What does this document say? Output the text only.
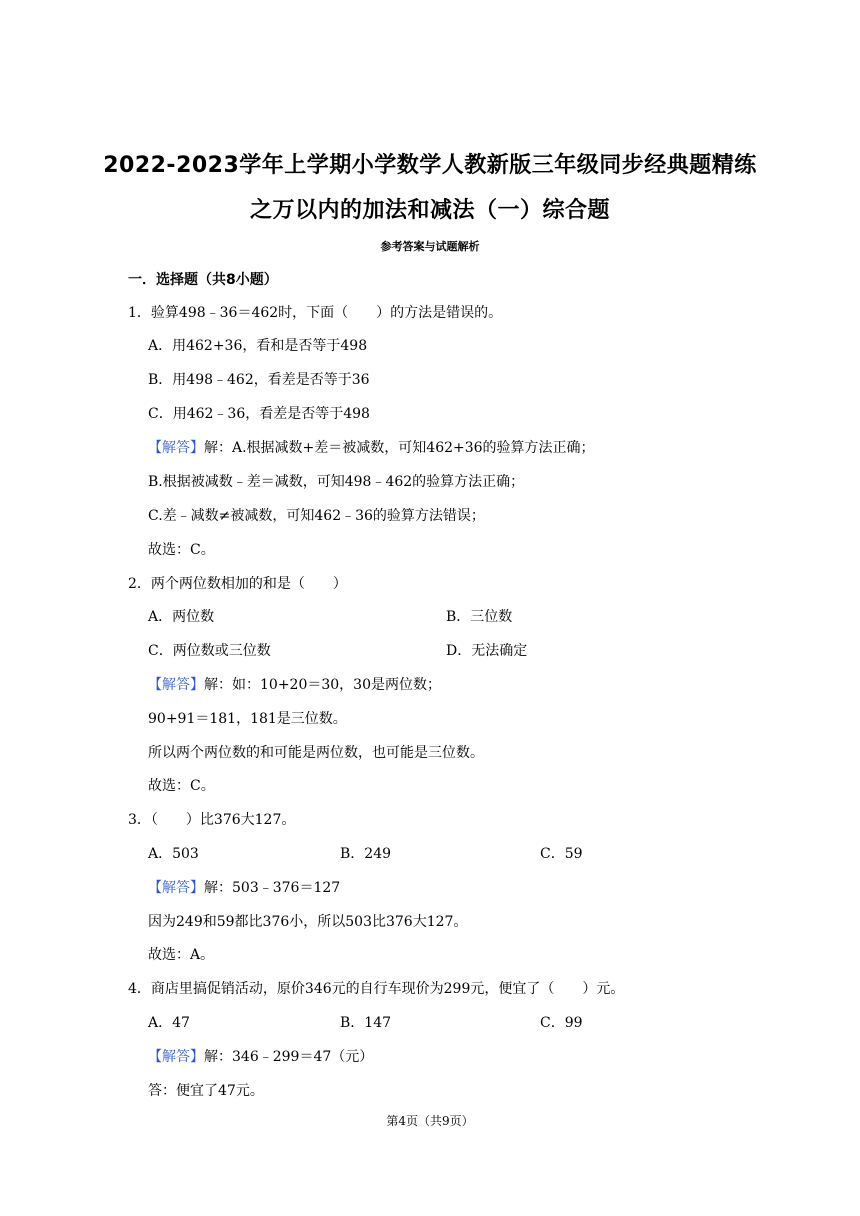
2022-2023学年上学期小学数学人教新版三年级同步经典题精练
之万以内的加法和减法（一）综合题
参考答案与试题解析
一．选择题（共8小题）
1．验算498﹣36＝462时，下面（　　）的方法是错误的。
A．用462+36，看和是否等于498
B．用498﹣462，看差是否等于36
C．用462﹣36，看差是否等于498
【解答】解：A.根据减数+差＝被减数，可知462+36的验算方法正确；
B.根据被减数﹣差＝减数，可知498﹣462的验算方法正确；
C.差﹣减数≠被减数，可知462﹣36的验算方法错误；
故选：C。
2．两个两位数相加的和是（　　）
A．两位数	B．三位数
C．两位数或三位数	D．无法确定
【解答】解：如：10+20＝30，30是两位数；
90+91＝181，181是三位数。
所以两个两位数的和可能是两位数，也可能是三位数。
故选：C。
3．（　　）比376大127。
A．503	B．249	C．59
【解答】解：503﹣376＝127
因为249和59都比376小，所以503比376大127。
故选：A。
4．商店里搞促销活动，原价346元的自行车现价为299元，便宜了（　　）元。
A．47	B．147	C．99
【解答】解：346﹣299＝47（元）
答：便宜了47元。
第4页（共9页）
